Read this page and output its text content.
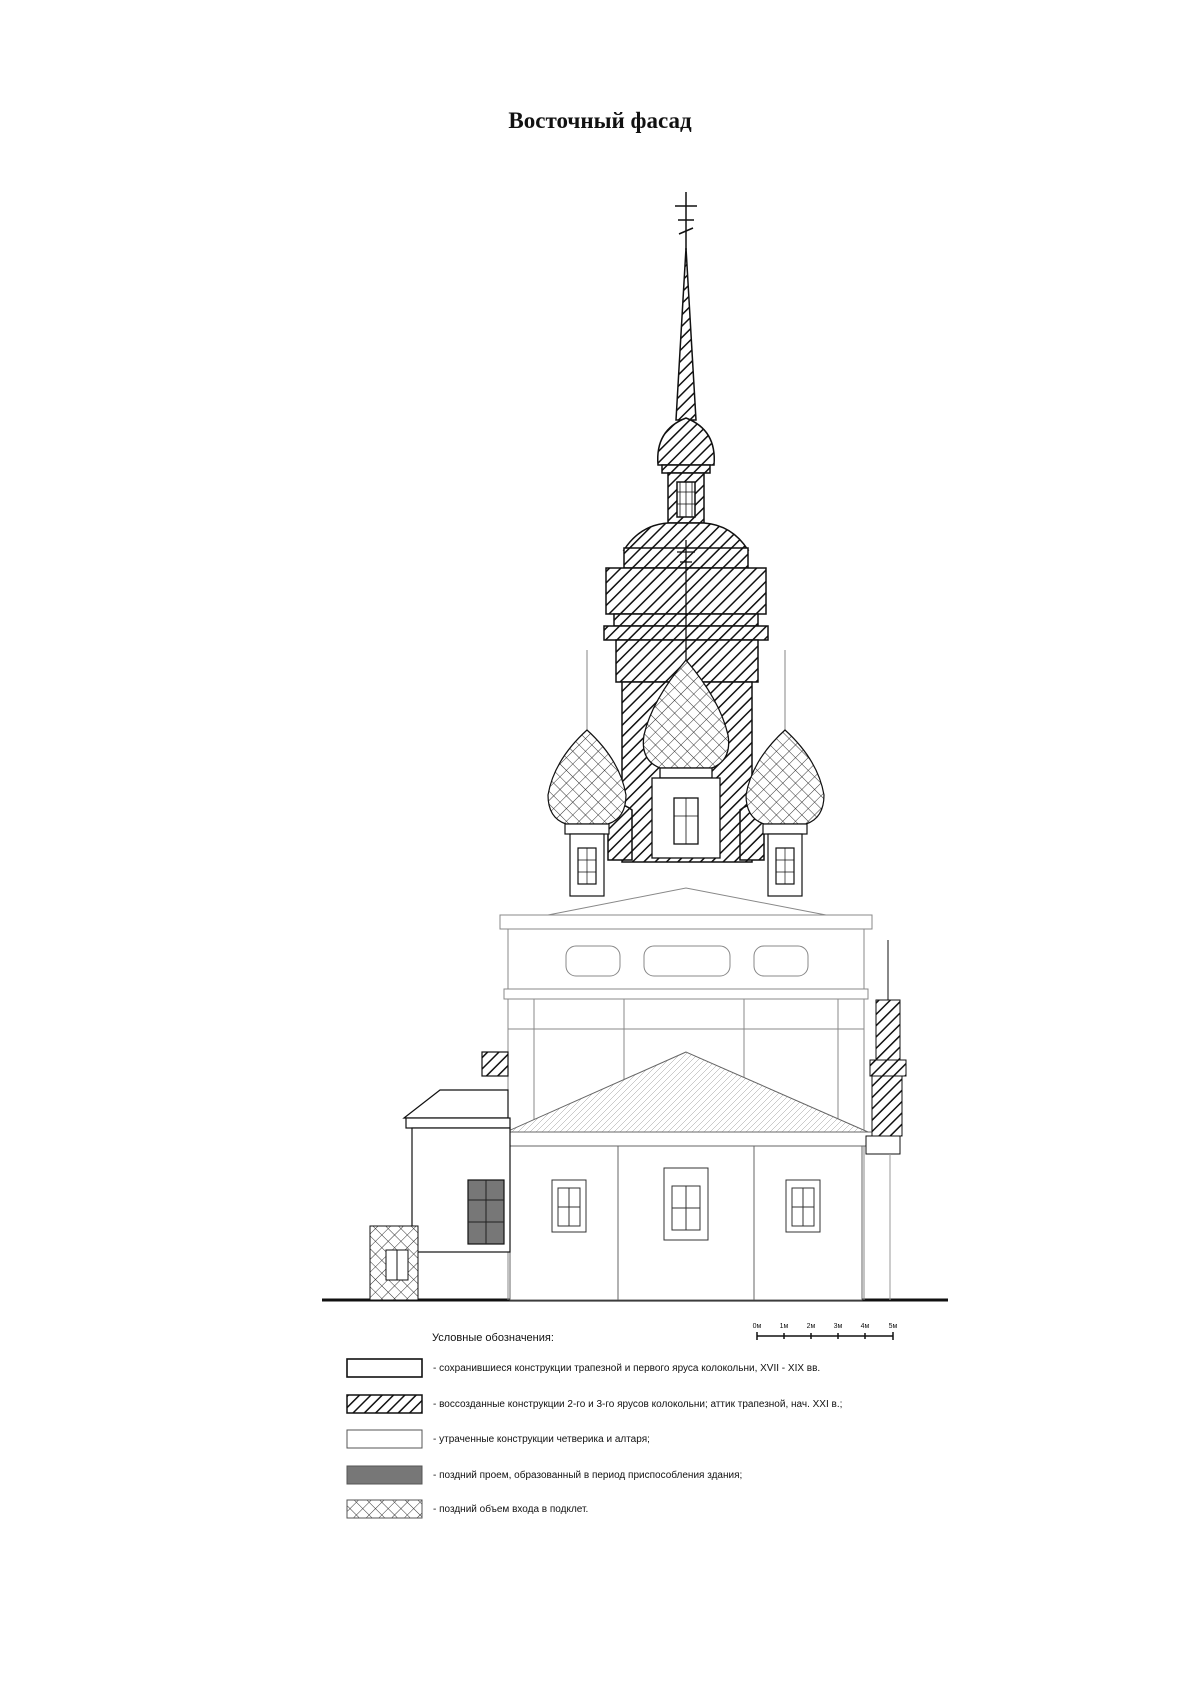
Восточный фасад
Условные обозначения:
- сохранившиеся конструкции трапезной и первого яруса колокольни, XVII - XIX вв.
- воссозданные конструкции 2-го и 3-го ярусов колокольни; аттик трапезной, нач. XXI в.;
- утраченные конструкции четверика и алтаря;
- поздний проем, образованный в период приспособления здания;
- поздний объем входа в подклет.
0м	1м	2м	3м	4м	5м
